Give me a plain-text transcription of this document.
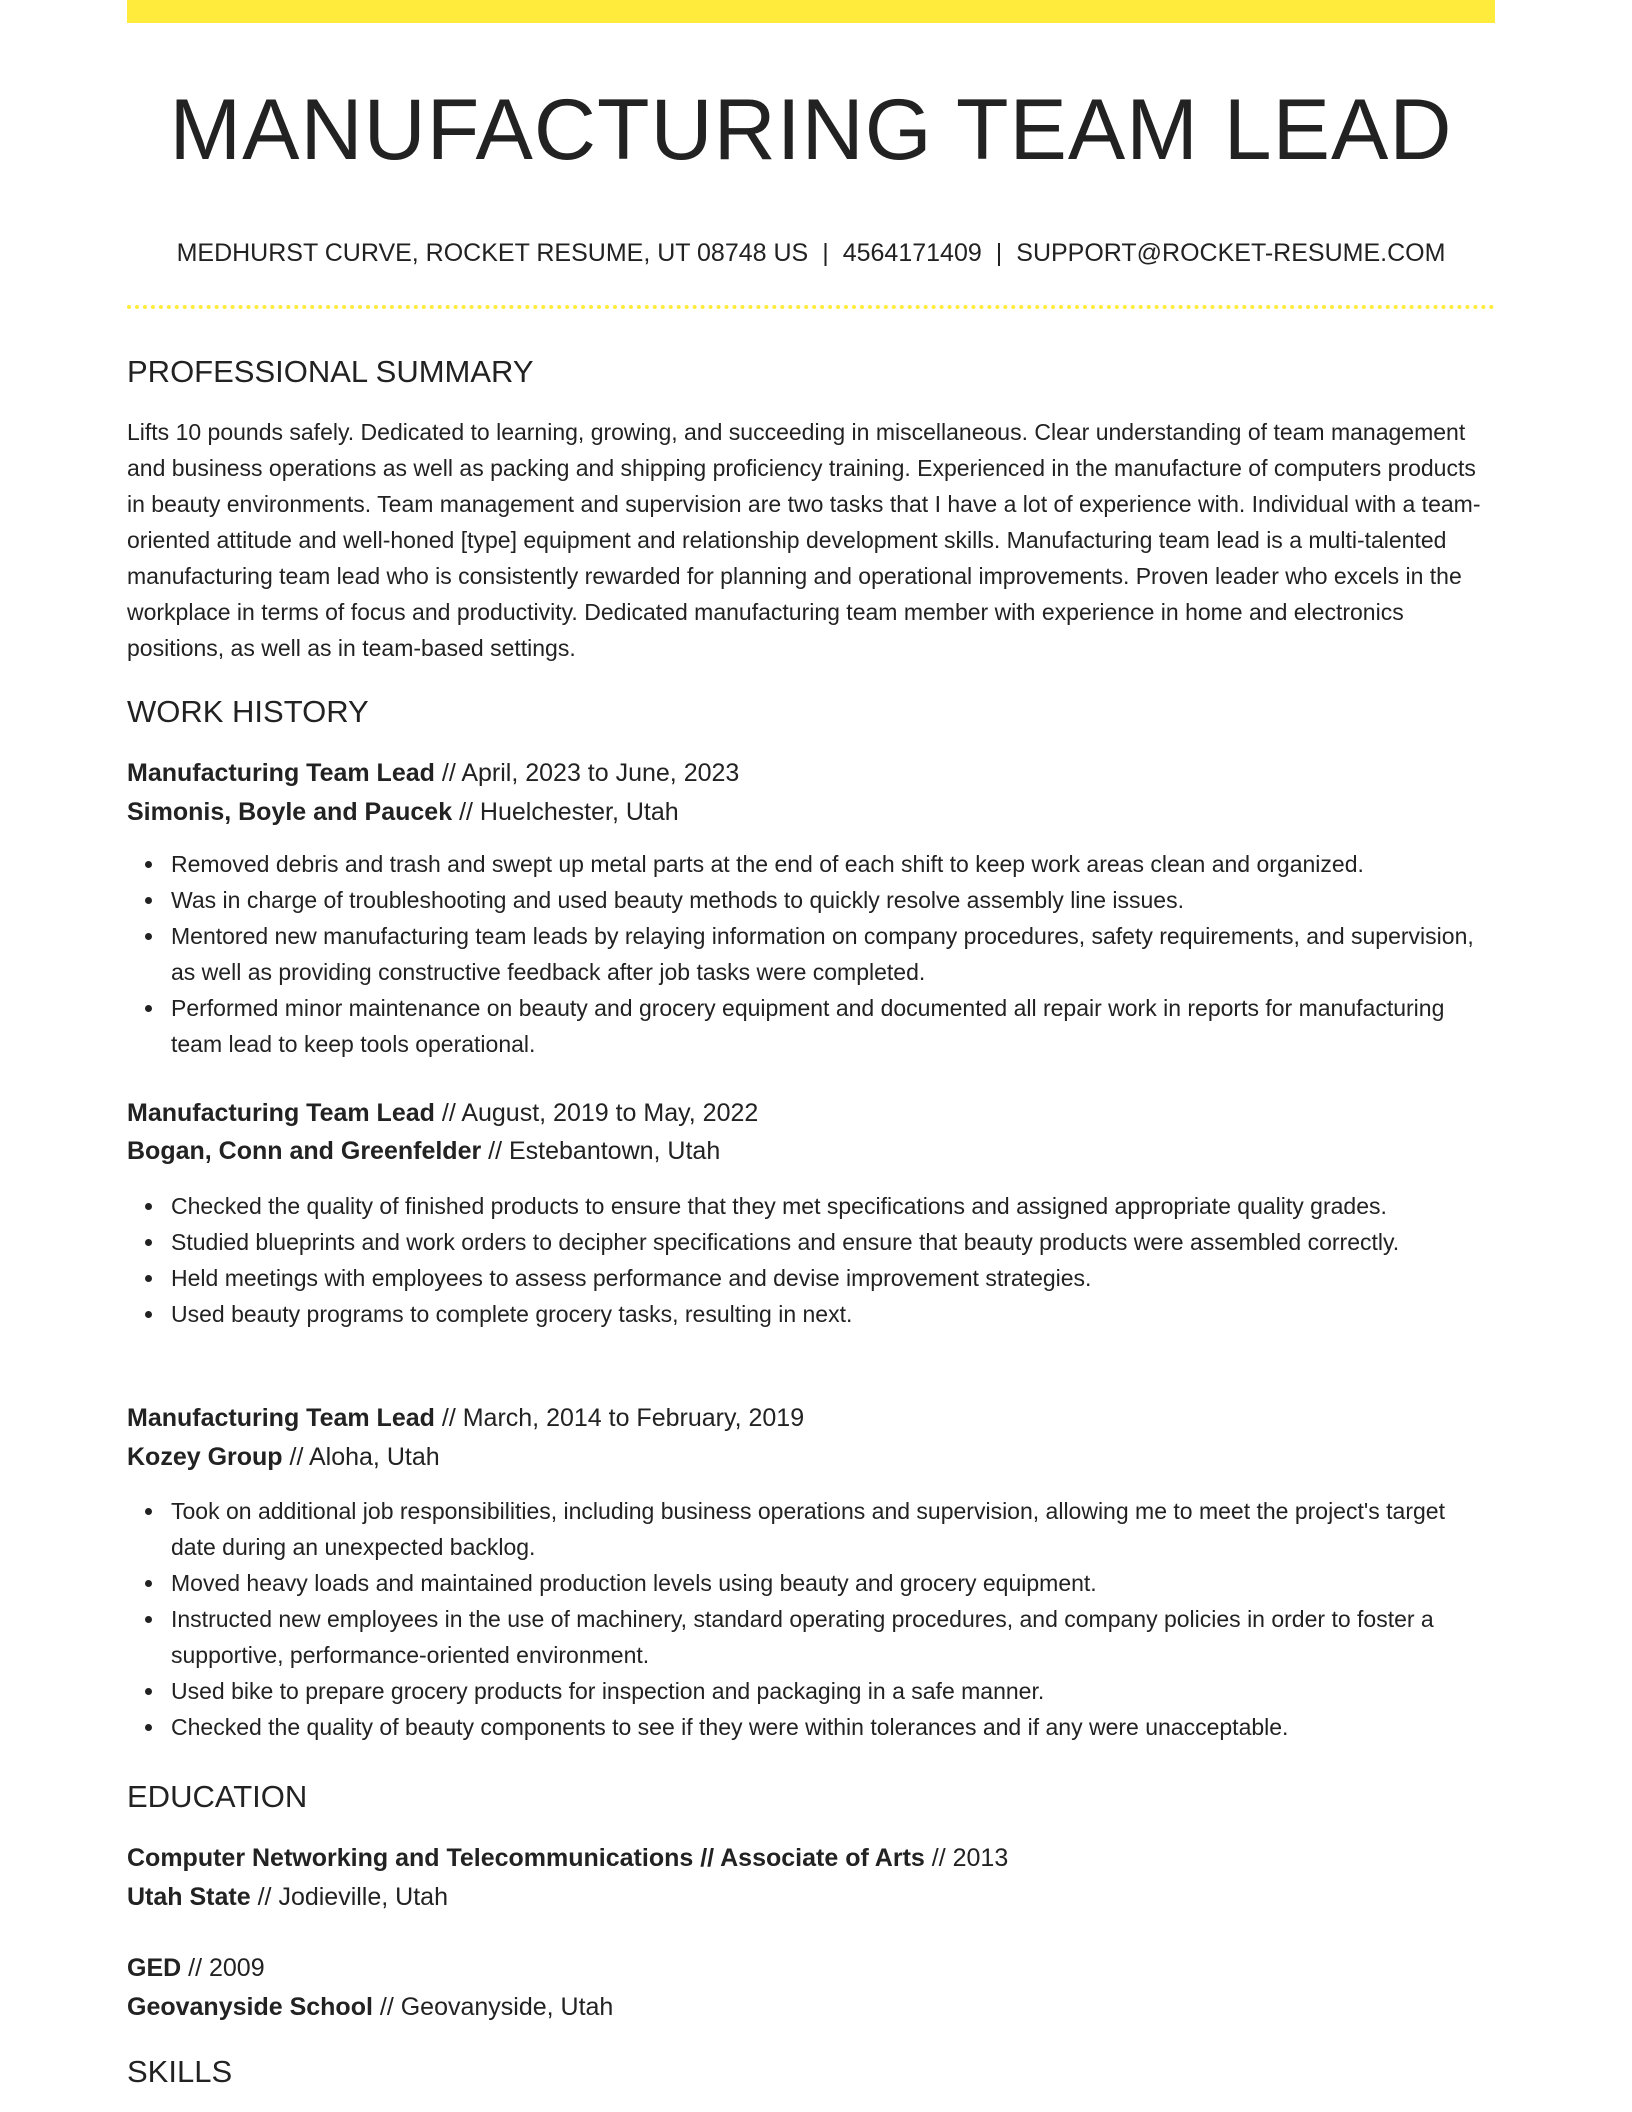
MANUFACTURING TEAM LEAD
MEDHURST CURVE, ROCKET RESUME, UT 08748 US | 4564171409 | SUPPORT@ROCKET-RESUME.COM
PROFESSIONAL SUMMARY

Lifts 10 pounds safely. Dedicated to learning, growing, and succeeding in miscellaneous. Clear understanding of team management and business operations as well as packing and shipping proficiency training. Experienced in the manufacture of computers products in beauty environments. Team management and supervision are two tasks that I have a lot of experience with. Individual with a team-oriented attitude and well-honed [type] equipment and relationship development skills. Manufacturing team lead is a multi-talented manufacturing team lead who is consistently rewarded for planning and operational improvements. Proven leader who excels in the workplace in terms of focus and productivity. Dedicated manufacturing team member with experience in home and electronics positions, as well as in team-based settings.

WORK HISTORY
Manufacturing Team Lead // April, 2023 to June, 2023
Simonis, Boyle and Paucek // Huelchester, Utah
Removed debris and trash and swept up metal parts at the end of each shift to keep work areas clean and organized.
Was in charge of troubleshooting and used beauty methods to quickly resolve assembly line issues.
Mentored new manufacturing team leads by relaying information on company procedures, safety requirements, and supervision, as well as providing constructive feedback after job tasks were completed.
Performed minor maintenance on beauty and grocery equipment and documented all repair work in reports for manufacturing team lead to keep tools operational.
Manufacturing Team Lead // August, 2019 to May, 2022
Bogan, Conn and Greenfelder // Estebantown, Utah
Checked the quality of finished products to ensure that they met specifications and assigned appropriate quality grades.
Studied blueprints and work orders to decipher specifications and ensure that beauty products were assembled correctly.
Held meetings with employees to assess performance and devise improvement strategies.
Used beauty programs to complete grocery tasks, resulting in next.
Manufacturing Team Lead // March, 2014 to February, 2019
Kozey Group // Aloha, Utah
Took on additional job responsibilities, including business operations and supervision, allowing me to meet the project's target date during an unexpected backlog.
Moved heavy loads and maintained production levels using beauty and grocery equipment.
Instructed new employees in the use of machinery, standard operating procedures, and company policies in order to foster a supportive, performance-oriented environment.
Used bike to prepare grocery products for inspection and packaging in a safe manner.
Checked the quality of beauty components to see if they were within tolerances and if any were unacceptable.
EDUCATION
Computer Networking and Telecommunications // Associate of Arts // 2013
Utah State // Jodieville, Utah
GED // 2009
Geovanyside School // Geovanyside, Utah
SKILLS
